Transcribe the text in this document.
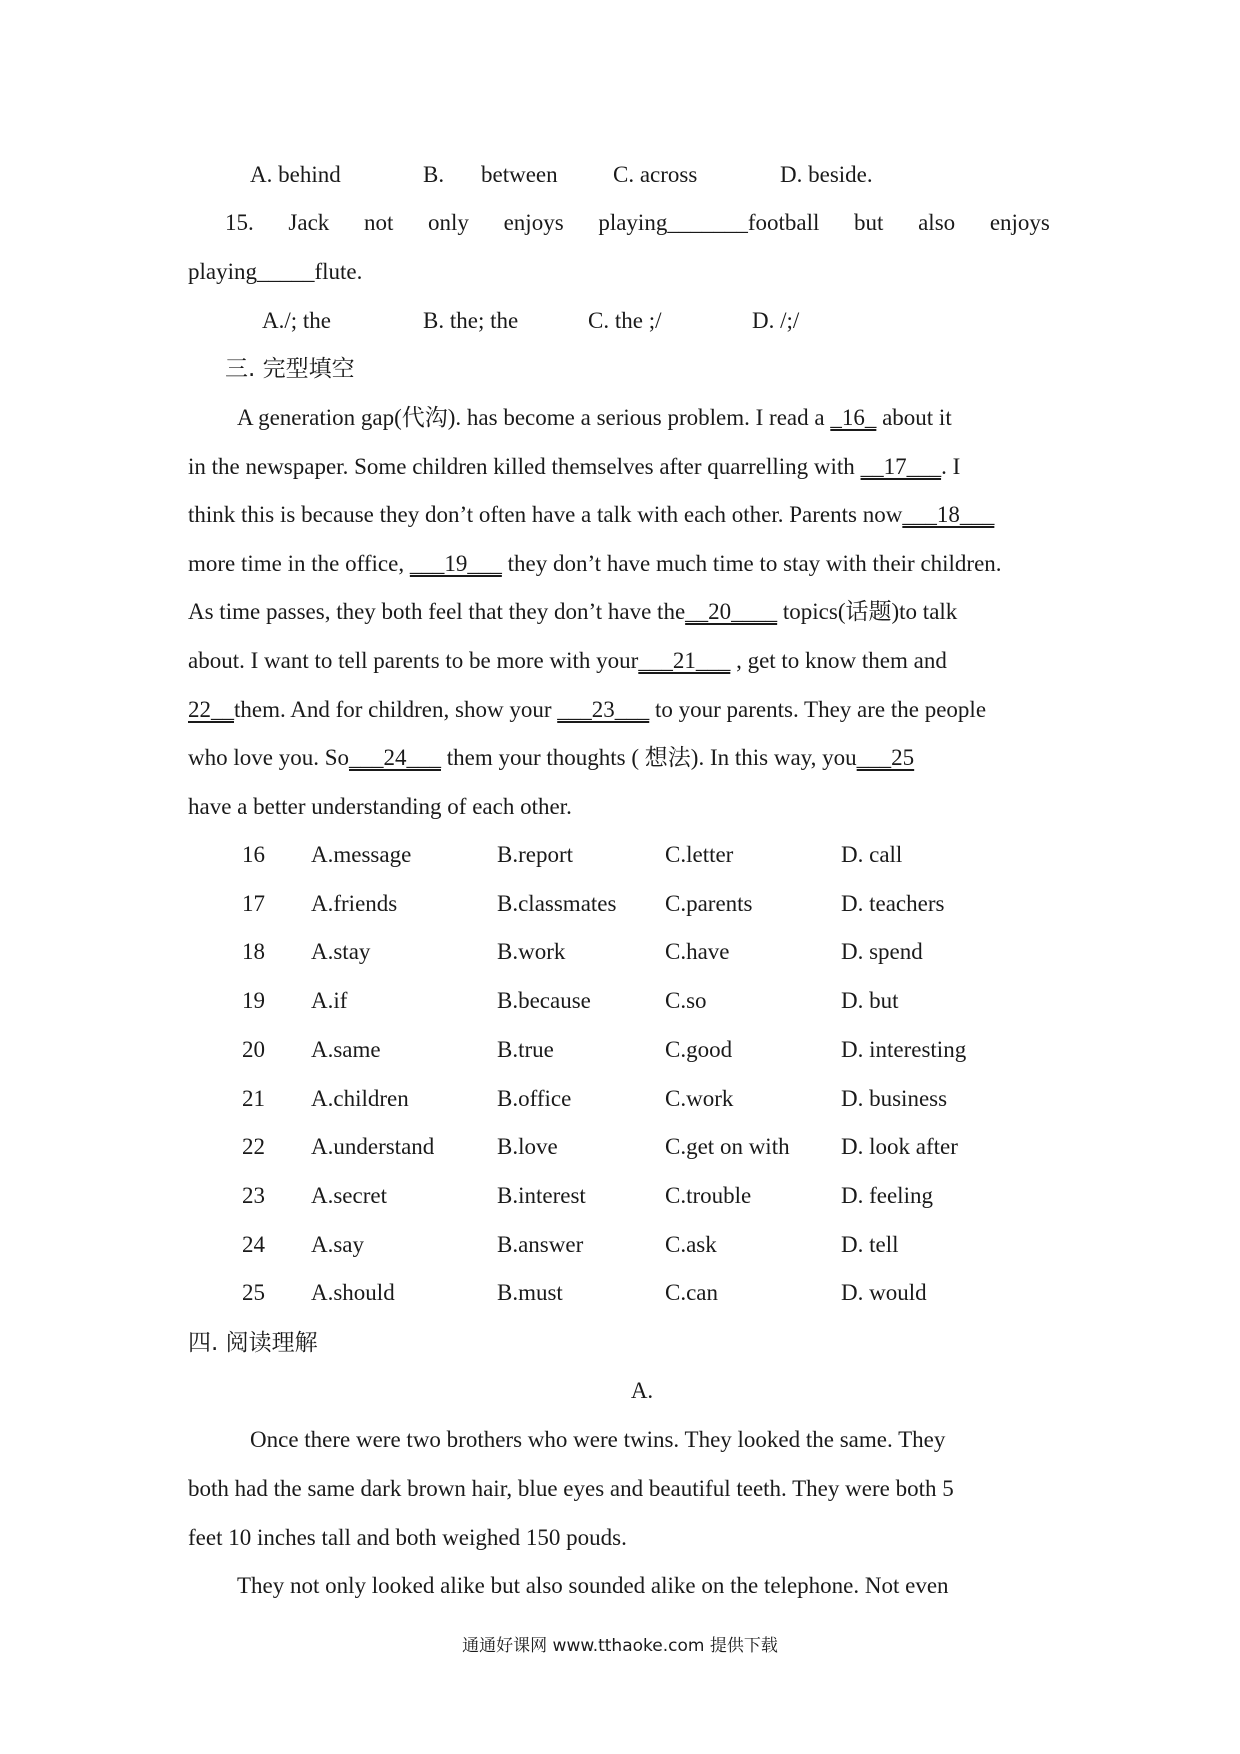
A. behind	B. between C. across	D. beside.
15. Jack not only enjoys playing_______football but also enjoys
playing_____flute.
A./; the	B. the; the	C. the ;/	D. /;/
三. 完型填空
A generation gap(代沟). has become a serious problem. I read a _16_ about it
in the newspaper. Some children killed themselves after quarrelling with __17___. I
think this is because they don’t often have a talk with each other. Parents now___18___
more time in the office, ___19___ they don’t have much time to stay with their children.
As time passes, they both feel that they don’t have the__20____ topics(话题)to talk
about. I want to tell parents to be more with your___21___ , get to know them and
22__them. And for children, show your ___23___ to your parents. They are the people
who love you. So___24___ them your thoughts ( 想法). In this way, you___25
have a better understanding of each other.
16 A.message	B.report	C.letter	D. call
17 A.friends	B.classmates C.parents	D. teachers
18 A.stay	B.work	C.have	D. spend
19 A.if	B.because	C.so	D. but
20 A.same	B.true	C.good	D. interesting
21 A.children	B.office	C.work	D. business
22 A.understand	B.love	C.get on with D. look after
23 A.secret	B.interest	C.trouble	D. feeling
24 A.say	B.answer	C.ask	D. tell
25 A.should	B.must	C.can	D. would
四. 阅读理解
A.
Once there were two brothers who were twins. They looked the same. They
both had the same dark brown hair, blue eyes and beautiful teeth. They were both 5
feet 10 inches tall and both weighed 150 pouds.
They not only looked alike but also sounded alike on the telephone. Not even
通通好课网 www.tthaoke.com 提供下载
